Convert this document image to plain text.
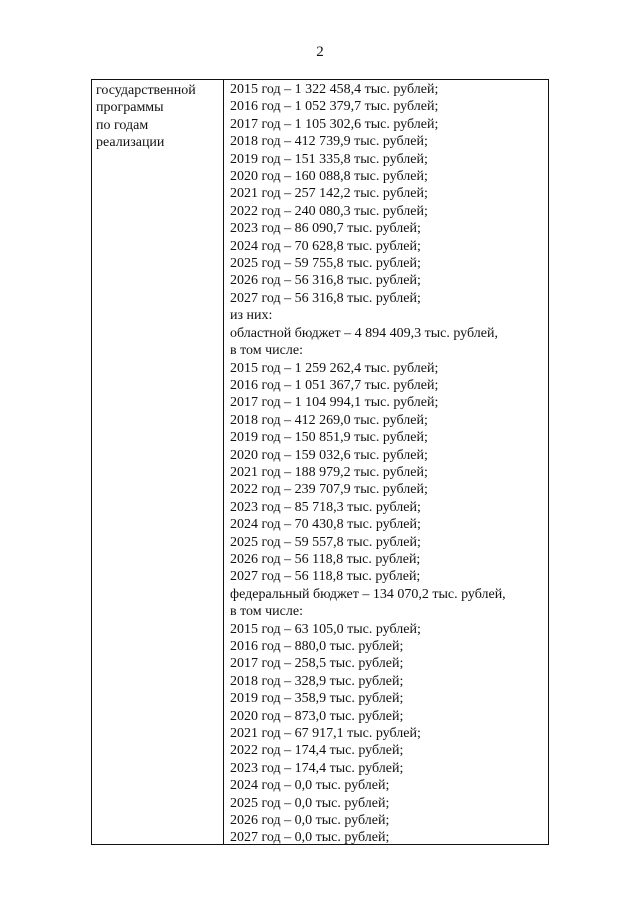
2
государственной
программы
по годам
реализации
2015 год – 1 322 458,4 тыс. рублей;
2016 год – 1 052 379,7 тыс. рублей;
2017 год – 1 105 302,6 тыс. рублей;
2018 год – 412 739,9 тыс. рублей;
2019 год – 151 335,8 тыс. рублей;
2020 год – 160 088,8 тыс. рублей;
2021 год – 257 142,2 тыс. рублей;
2022 год – 240 080,3 тыс. рублей;
2023 год – 86 090,7 тыс. рублей;
2024 год – 70 628,8 тыс. рублей;
2025 год – 59 755,8 тыс. рублей;
2026 год – 56 316,8 тыс. рублей;
2027 год – 56 316,8 тыс. рублей;
из них:
областной бюджет – 4 894 409,3 тыс. рублей,
в том числе:
2015 год – 1 259 262,4 тыс. рублей;
2016 год – 1 051 367,7 тыс. рублей;
2017 год – 1 104 994,1 тыс. рублей;
2018 год – 412 269,0 тыс. рублей;
2019 год – 150 851,9 тыс. рублей;
2020 год – 159 032,6 тыс. рублей;
2021 год – 188 979,2 тыс. рублей;
2022 год – 239 707,9 тыс. рублей;
2023 год – 85 718,3 тыс. рублей;
2024 год – 70 430,8 тыс. рублей;
2025 год – 59 557,8 тыс. рублей;
2026 год – 56 118,8 тыс. рублей;
2027 год – 56 118,8 тыс. рублей;
федеральный бюджет – 134 070,2 тыс. рублей,
в том числе:
2015 год – 63 105,0 тыс. рублей;
2016 год – 880,0 тыс. рублей;
2017 год – 258,5 тыс. рублей;
2018 год – 328,9 тыс. рублей;
2019 год – 358,9 тыс. рублей;
2020 год – 873,0 тыс. рублей;
2021 год – 67 917,1 тыс. рублей;
2022 год – 174,4 тыс. рублей;
2023 год – 174,4 тыс. рублей;
2024 год – 0,0 тыс. рублей;
2025 год – 0,0 тыс. рублей;
2026 год – 0,0 тыс. рублей;
2027 год – 0,0 тыс. рублей;
